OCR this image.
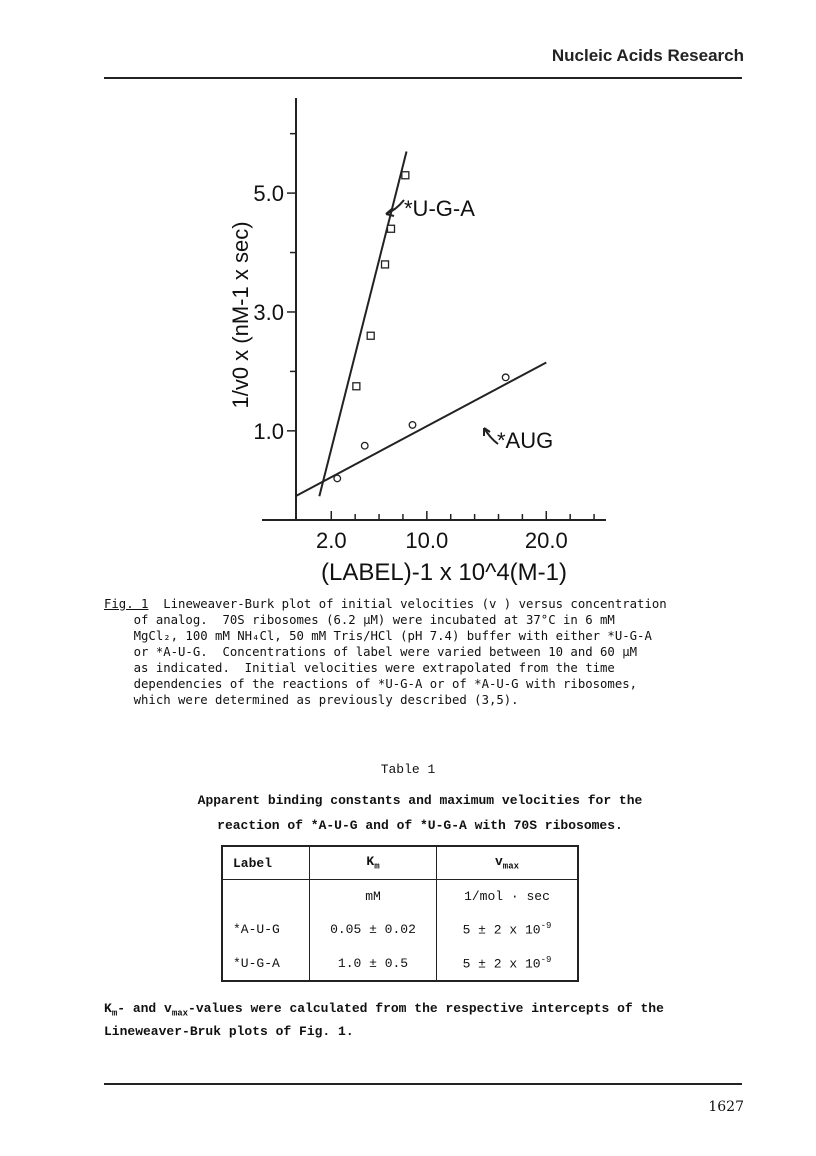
Nucleic Acids Research
2.0	10.0	20.0
1.0
3.0
5.0
(LABEL)-1 x 10^4(M-1)
1/v0 x (nM-1 x sec)
*U-G-A
*AUG
Fig. 1  Lineweaver-Burk plot of initial velocities (v ) versus concentration
of analog.  70S ribosomes (6.2 μM) were incubated at 37°C in 6 mM
MgCl₂, 100 mM NH₄Cl, 50 mM Tris/HCl (pH 7.4) buffer with either *U-G-A
or *A-U-G.  Concentrations of label were varied between 10 and 60 μM
as indicated.  Initial velocities were extrapolated from the time
dependencies of the reactions of *U-G-A or of *A-U-G with ribosomes,
which were determined as previously described (3,5).
Table 1
Apparent binding constants and maximum velocities for the
reaction of *A-U-G and of *U-G-A with 70S ribosomes.
Label	$K_m$	$v_{max}$
	mM	1/mol · sec
*A-U-G	0.05 ± 0.02	5 ± 2 x $10^{-9}$
*U-G-A	1.0 ± 0.5	5 ± 2 x $10^{-9}$
$K_m-$ and $v_{max}$-values were calculated from the respective intercepts of the
Lineweaver-Bruk plots of Fig. 1.
1627
